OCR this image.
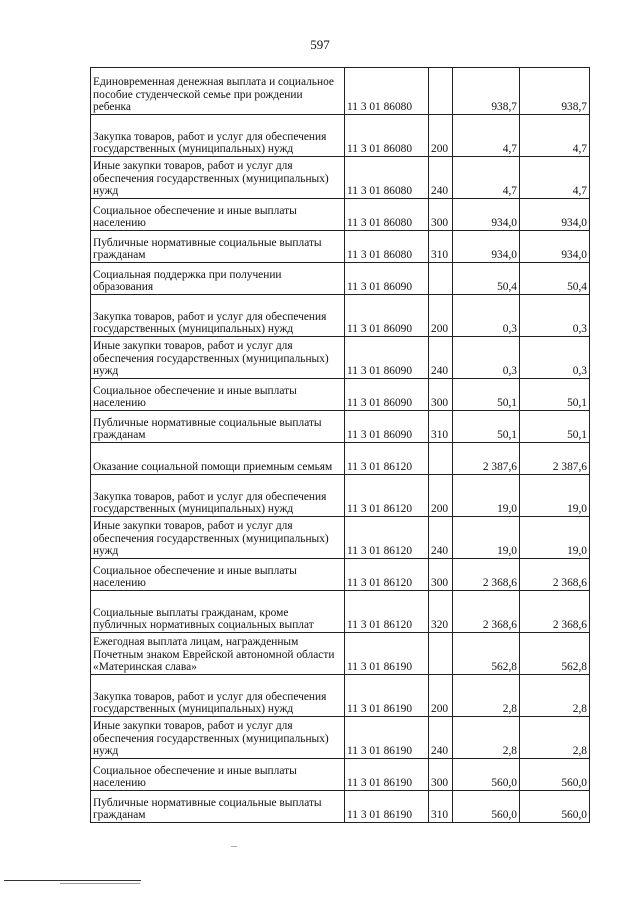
597
Единовременная денежная выплата и социальное пособие студенческой семье при рождении ребенка	11 3 01 86080		938,7	938,7
Закупка товаров, работ и услуг для обеспечения государственных (муниципальных) нужд	11 3 01 86080	200	4,7	4,7
Иные закупки товаров, работ и услуг для обеспечения государственных (муниципальных) нужд	11 3 01 86080	240	4,7	4,7
Социальное обеспечение и иные выплаты населению	11 3 01 86080	300	934,0	934,0
Публичные нормативные социальные выплаты гражданам	11 3 01 86080	310	934,0	934,0
Социальная поддержка при получении образования	11 3 01 86090		50,4	50,4
Закупка товаров, работ и услуг для обеспечения государственных (муниципальных) нужд	11 3 01 86090	200	0,3	0,3
Иные закупки товаров, работ и услуг для обеспечения государственных (муниципальных) нужд	11 3 01 86090	240	0,3	0,3
Социальное обеспечение и иные выплаты населению	11 3 01 86090	300	50,1	50,1
Публичные нормативные социальные выплаты гражданам	11 3 01 86090	310	50,1	50,1
Оказание социальной помощи приемным семьям	11 3 01 86120		2 387,6	2 387,6
Закупка товаров, работ и услуг для обеспечения государственных (муниципальных) нужд	11 3 01 86120	200	19,0	19,0
Иные закупки товаров, работ и услуг для обеспечения государственных (муниципальных) нужд	11 3 01 86120	240	19,0	19,0
Социальное обеспечение и иные выплаты населению	11 3 01 86120	300	2 368,6	2 368,6
Социальные выплаты гражданам, кроме публичных нормативных социальных выплат	11 3 01 86120	320	2 368,6	2 368,6
Ежегодная выплата лицам, награжденным Почетным знаком Еврейской автономной области «Материнская слава»	11 3 01 86190		562,8	562,8
Закупка товаров, работ и услуг для обеспечения государственных (муниципальных) нужд	11 3 01 86190	200	2,8	2,8
Иные закупки товаров, работ и услуг для обеспечения государственных (муниципальных) нужд	11 3 01 86190	240	2,8	2,8
Социальное обеспечение и иные выплаты населению	11 3 01 86190	300	560,0	560,0
Публичные нормативные социальные выплаты гражданам	11 3 01 86190	310	560,0	560,0
